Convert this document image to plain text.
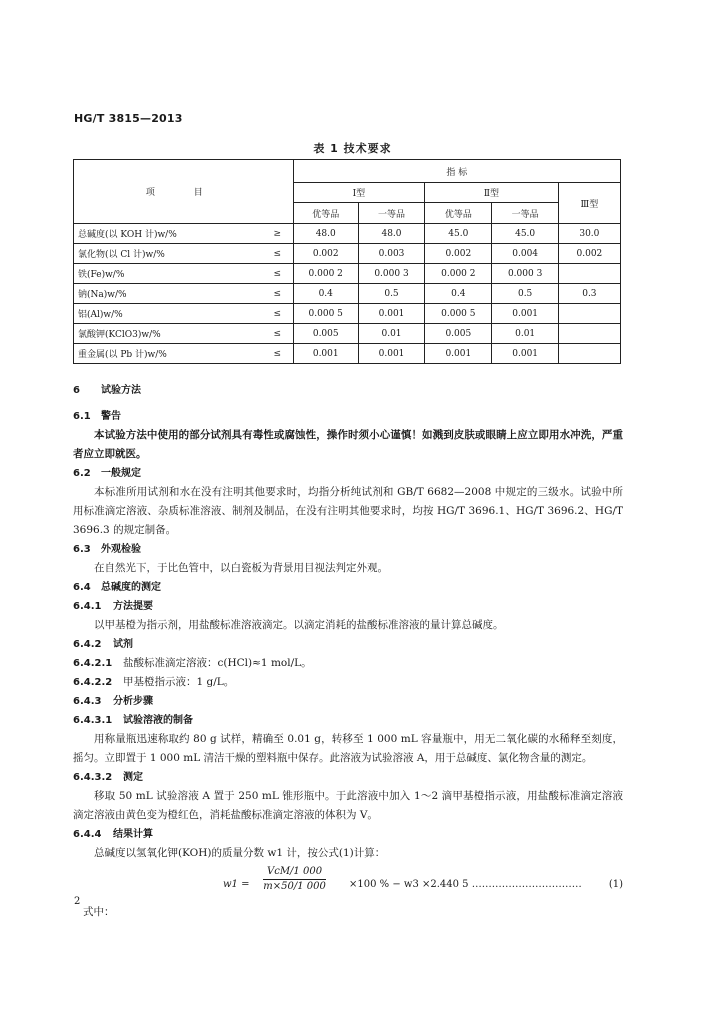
HG/T 3815—2013
表 1 技术要求
项 目		指 标				
		Ⅰ型		Ⅱ型		Ⅲ型
		优等品	一等品	优等品	一等品	
总碱度(以 KOH 计)w/%	≥	48.0	48.0	45.0	45.0	30.0
氯化物(以 Cl 计)w/%	≤	0.002	0.003	0.002	0.004	0.002
铁(Fe)w/%	≤	0.000 2	0.000 3	0.000 2	0.000 3	
钠(Na)w/%	≤	0.4	0.5	0.4	0.5	0.3
铝(Al)w/%	≤	0.000 5	0.001	0.000 5	0.001	
氯酸钾(KClO3)w/%	≤	0.005	0.01	0.005	0.01	
重金属(以 Pb 计)w/%	≤	0.001	0.001	0.001	0.001	

6 试验方法

6.1 警告

本试验方法中使用的部分试剂具有毒性或腐蚀性，操作时须小心谨慎！如溅到皮肤或眼睛上应立即用水冲洗，严重者应立即就医。

6.2 一般规定

本标准所用试剂和水在没有注明其他要求时，均指分析纯试剂和 GB/T 6682—2008 中规定的三级水。试验中所用标准滴定溶液、杂质标准溶液、制剂及制品，在没有注明其他要求时，均按 HG/T 3696.1、HG/T 3696.2、HG/T 3696.3 的规定制备。

6.3 外观检验

在自然光下，于比色管中，以白瓷板为背景用目视法判定外观。

6.4 总碱度的测定

6.4.1 方法提要

以甲基橙为指示剂，用盐酸标准溶液滴定。以滴定消耗的盐酸标准溶液的量计算总碱度。

6.4.2 试剂

6.4.2.1 盐酸标准滴定溶液：c(HCl)≈1 mol/L。

6.4.2.2 甲基橙指示液：1 g/L。

6.4.3 分析步骤

6.4.3.1 试验溶液的制备

用称量瓶迅速称取约 80 g 试样，精确至 0.01 g，转移至 1 000 mL 容量瓶中，用无二氧化碳的水稀释至刻度，摇匀。立即置于 1 000 mL 清洁干燥的塑料瓶中保存。此溶液为试验溶液 A，用于总碱度、氯化物含量的测定。

6.4.3.2 测定

移取 50 mL 试验溶液 A 置于 250 mL 锥形瓶中。于此溶液中加入 1～2 滴甲基橙指示液，用盐酸标准滴定溶液滴定溶液由黄色变为橙红色，消耗盐酸标准滴定溶液的体积为 V。

6.4.4 结果计算

总碱度以氢氧化钾(KOH)的质量分数 w1 计，按公式(1)计算：

w1 =
VcM/1 000
m×50/1 000 ×100 % − w3 ×2.440 5 ……………………………	(1)

式中：

2
